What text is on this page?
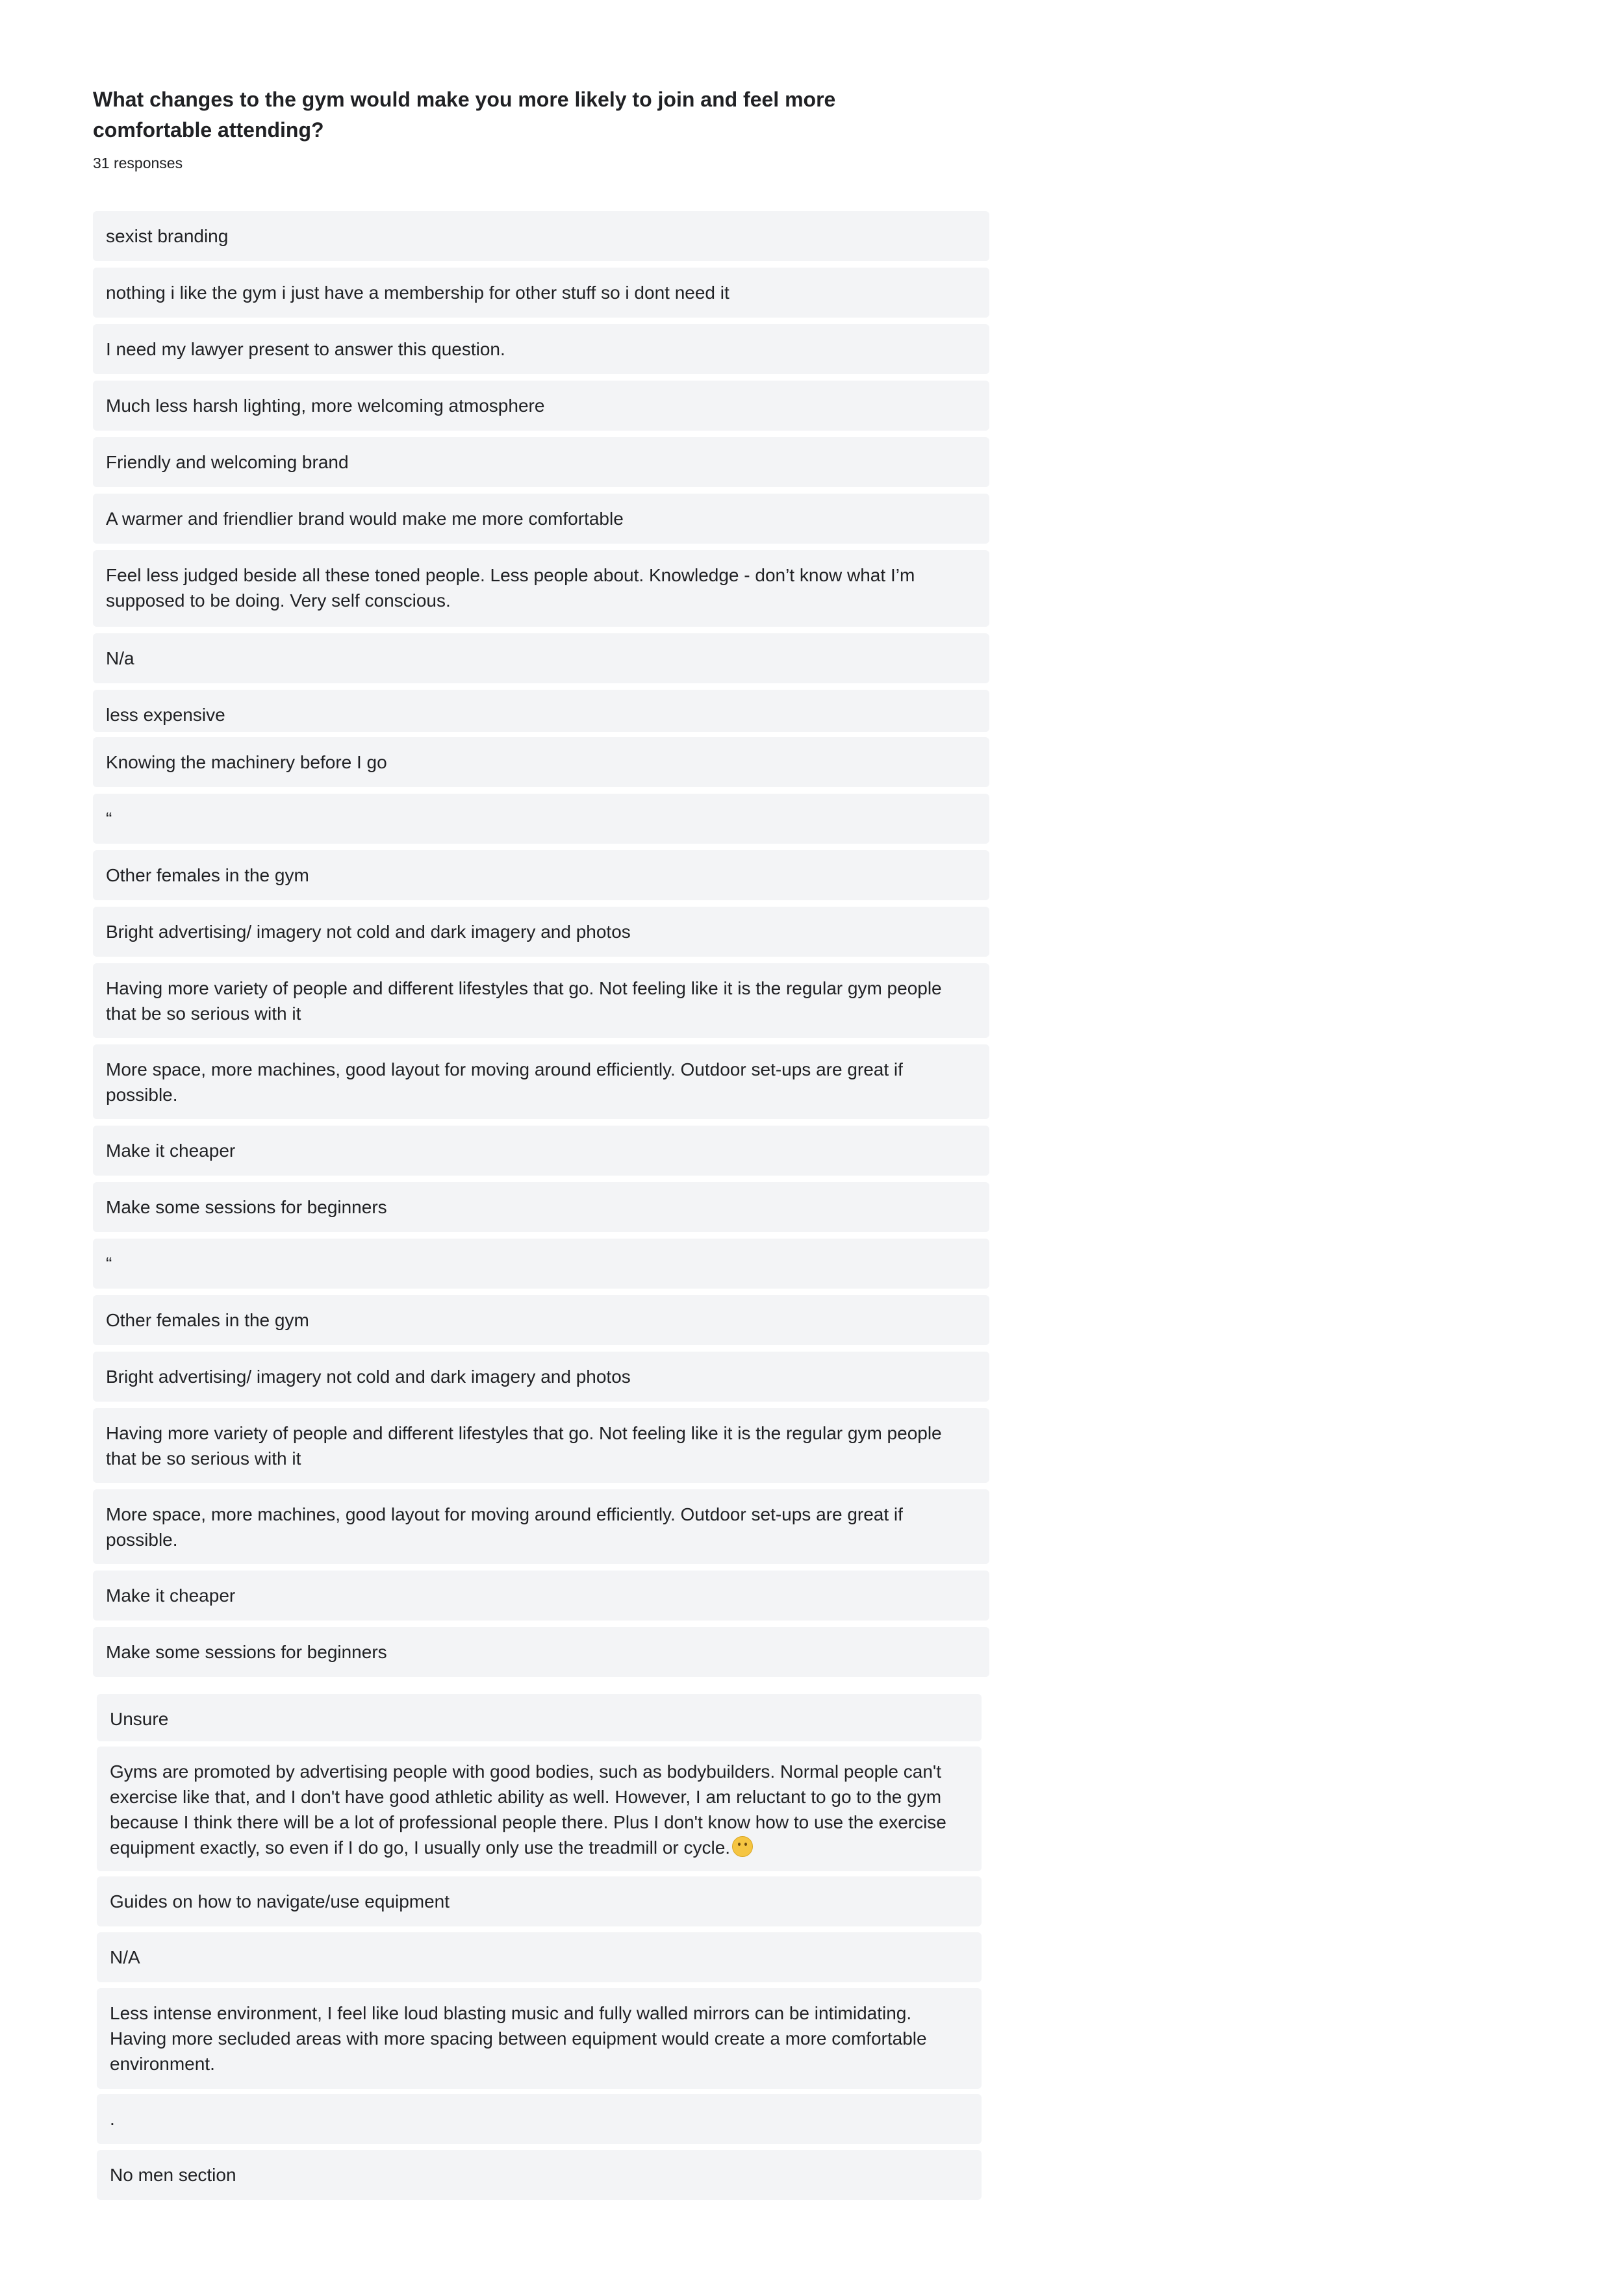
What changes to the gym would make you more likely to join and feel more comfortable attending?
31 responses
sexist branding
nothing i like the gym i just have a membership for other stuff so i dont need it
I need my lawyer present to answer this question.
Much less harsh lighting, more welcoming atmosphere
Friendly and welcoming brand
A warmer and friendlier brand would make me more comfortable
Feel less judged beside all these toned people. Less people about. Knowledge - don’t know what I’m supposed to be doing. Very self conscious.
N/a
less expensive
Knowing the machinery before I go
“
Other females in the gym
Bright advertising/ imagery not cold and dark imagery and photos
Having more variety of people and different lifestyles that go. Not feeling like it is the regular gym people that be so serious with it
More space, more machines, good layout for moving around efficiently. Outdoor set-ups are great if possible.
Make it cheaper
Make some sessions for beginners
“
Other females in the gym
Bright advertising/ imagery not cold and dark imagery and photos
Having more variety of people and different lifestyles that go. Not feeling like it is the regular gym people that be so serious with it
More space, more machines, good layout for moving around efficiently. Outdoor set-ups are great if possible.
Make it cheaper
Make some sessions for beginners
Unsure
Gyms are promoted by advertising people with good bodies, such as bodybuilders. Normal people can't exercise like that, and I don't have good athletic ability as well. However, I am reluctant to go to the gym because I think there will be a lot of professional people there. Plus I don't know how to use the exercise equipment exactly, so even if I do go, I usually only use the treadmill or cycle.
Guides on how to navigate/use equipment
N/A
Less intense environment, I feel like loud blasting music and fully walled mirrors can be intimidating. Having more secluded areas with more spacing between equipment would create a more comfortable environment.
.
No men section
